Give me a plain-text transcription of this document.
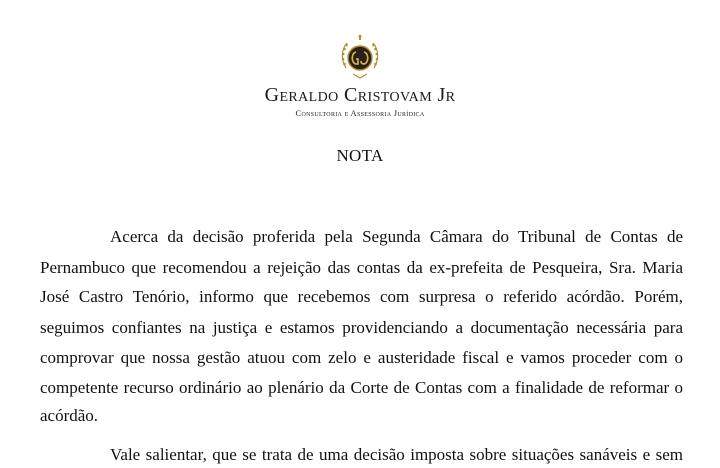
Geraldo Cristovam Jr
Consultoria e Assessoria Jurídica
NOTA
Acerca da decisão proferida pela Segunda Câmara do Tribunal de Contas de
Pernambuco que recomendou a rejeição das contas da ex-prefeita de Pesqueira, Sra. Maria
José Castro Tenório, informo que recebemos com surpresa o referido acórdão. Porém,
seguimos confiantes na justiça e estamos providenciando a documentação necessária para
comprovar que nossa gestão atuou com zelo e austeridade fiscal e vamos proceder com o
competente recurso ordinário ao plenário da Corte de Contas com a finalidade de reformar o
acórdão.
Vale salientar, que se trata de uma decisão imposta sobre situações sanáveis e sem
